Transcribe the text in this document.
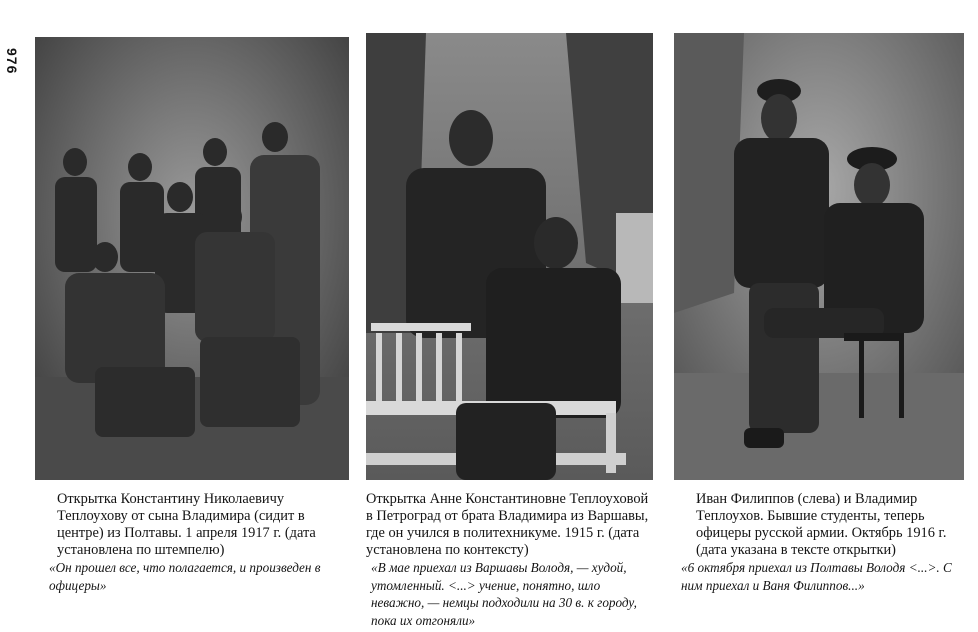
976
Открытка Константину Николаевичу Теплоухову от сына Владимира (сидит в центре) из Полтавы. 1 апреля 1917 г. (дата установлена по штемпелю)
«Он прошел все, что полагается, и произведен в офицеры»
Открытка Анне Константиновне Теплоуховой в Петроград от брата Владимира из Варшавы, где он учился в политехникуме. 1915 г. (дата установлена по контексту)
«В мае приехал из Варшавы Володя, — худой, утомленный. <...> учение, понятно, шло неважно, — немцы подходили на 30 в. к городу, пока их отгоняли»
Иван Филиппов (слева) и Владимир Теплоухов. Бывшие студенты, теперь офицеры русской армии. Октябрь 1916 г. (дата указана в тексте открытки)
«6 октября приехал из Полтавы Володя <...>. С ним приехал и Ваня Филиппов...»
